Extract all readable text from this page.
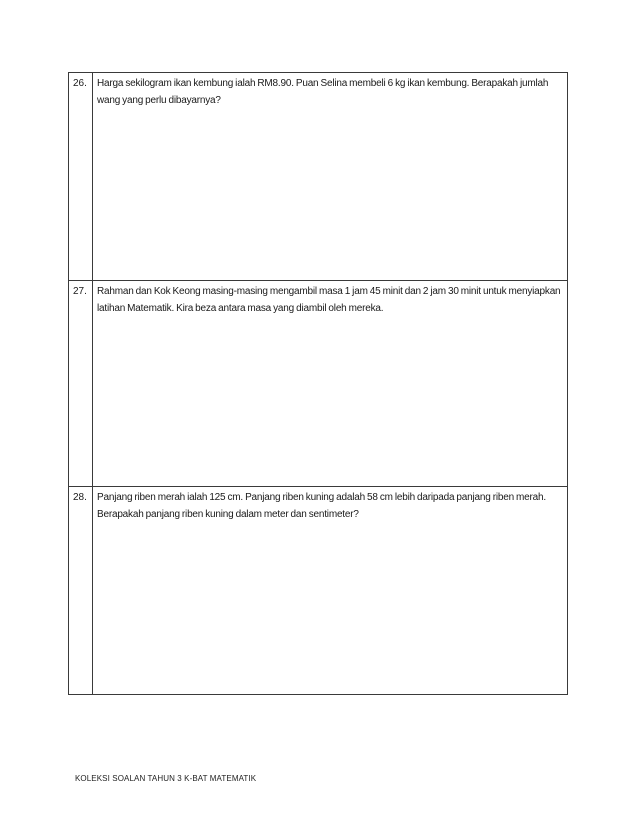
26.	Harga sekilogram ikan kembung ialah RM8.90. Puan Selina membeli 6 kg ikan kembung. Berapakah jumlah wang yang perlu dibayarnya?

27.	Rahman dan Kok Keong masing-masing mengambil masa 1 jam 45 minit dan 2 jam 30 minit untuk menyiapkan latihan Matematik. Kira beza antara masa yang diambil oleh mereka.

28.	Panjang riben merah ialah 125 cm. Panjang riben kuning adalah 58 cm lebih daripada panjang riben merah. Berapakah panjang riben kuning dalam meter dan sentimeter?
KOLEKSI SOALAN TAHUN 3 K-BAT MATEMATIK
